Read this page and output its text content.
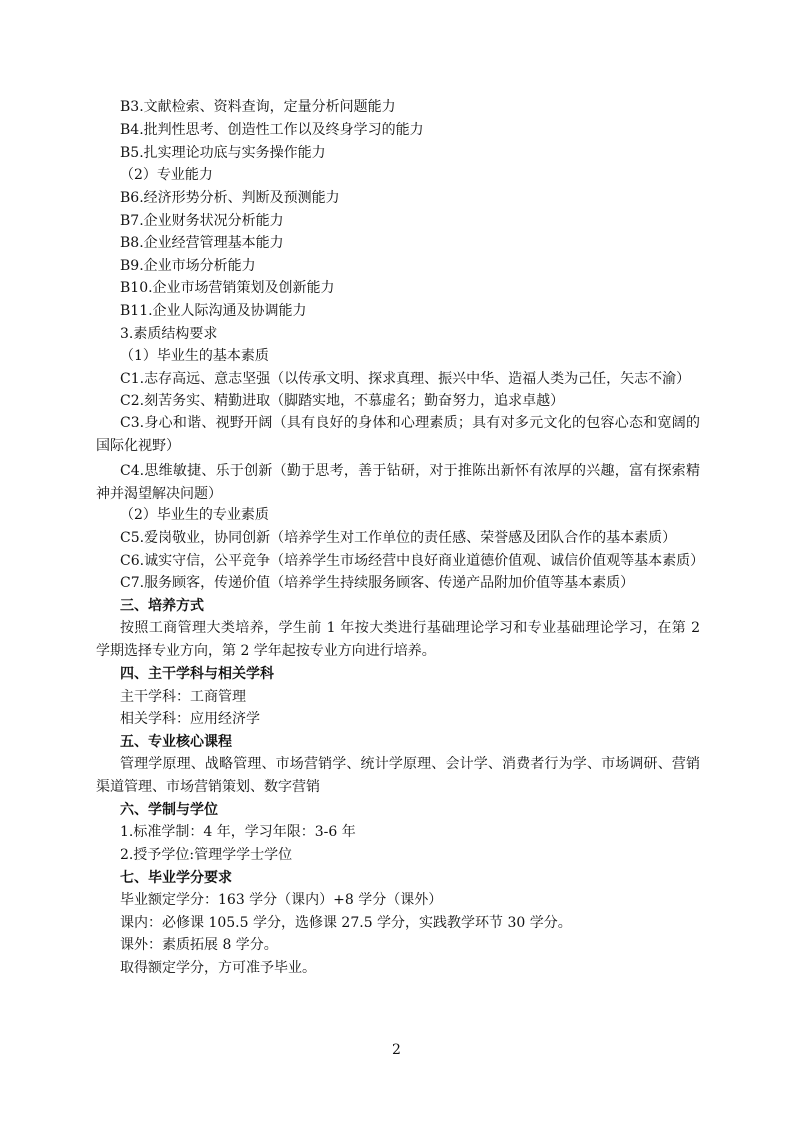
B3.文献检索、资料查询，定量分析问题能力
B4.批判性思考、创造性工作以及终身学习的能力
B5.扎实理论功底与实务操作能力
（2）专业能力
B6.经济形势分析、判断及预测能力
B7.企业财务状况分析能力
B8.企业经营管理基本能力
B9.企业市场分析能力
B10.企业市场营销策划及创新能力
B11.企业人际沟通及协调能力
3.素质结构要求
（1）毕业生的基本素质
C1.志存高远、意志坚强（以传承文明、探求真理、振兴中华、造福人类为己任，矢志不渝）
C2.刻苦务实、精勤进取（脚踏实地，不慕虚名；勤奋努力，追求卓越）
C3.身心和谐、视野开阔（具有良好的身体和心理素质；具有对多元文化的包容心态和宽阔的国际化视野）
C4.思维敏捷、乐于创新（勤于思考，善于钻研，对于推陈出新怀有浓厚的兴趣，富有探索精神并渴望解决问题）
（2）毕业生的专业素质
C5.爱岗敬业，协同创新（培养学生对工作单位的责任感、荣誉感及团队合作的基本素质）
C6.诚实守信，公平竞争（培养学生市场经营中良好商业道德价值观、诚信价值观等基本素质）
C7.服务顾客，传递价值（培养学生持续服务顾客、传递产品附加价值等基本素质）
三、培养方式
按照工商管理大类培养，学生前 1 年按大类进行基础理论学习和专业基础理论学习，在第 2 学期选择专业方向，第 2 学年起按专业方向进行培养。
四、主干学科与相关学科
主干学科：工商管理
相关学科：应用经济学
五、专业核心课程
管理学原理、战略管理、市场营销学、统计学原理、会计学、消费者行为学、市场调研、营销渠道管理、市场营销策划、数字营销
六、学制与学位
1.标准学制：4 年，学习年限：3-6 年
2.授予学位:管理学学士学位
七、毕业学分要求
毕业额定学分：163 学分（课内）+8 学分（课外）
课内：必修课 105.5 学分，选修课 27.5 学分，实践教学环节 30 学分。
课外：素质拓展 8 学分。
取得额定学分，方可准予毕业。
2
